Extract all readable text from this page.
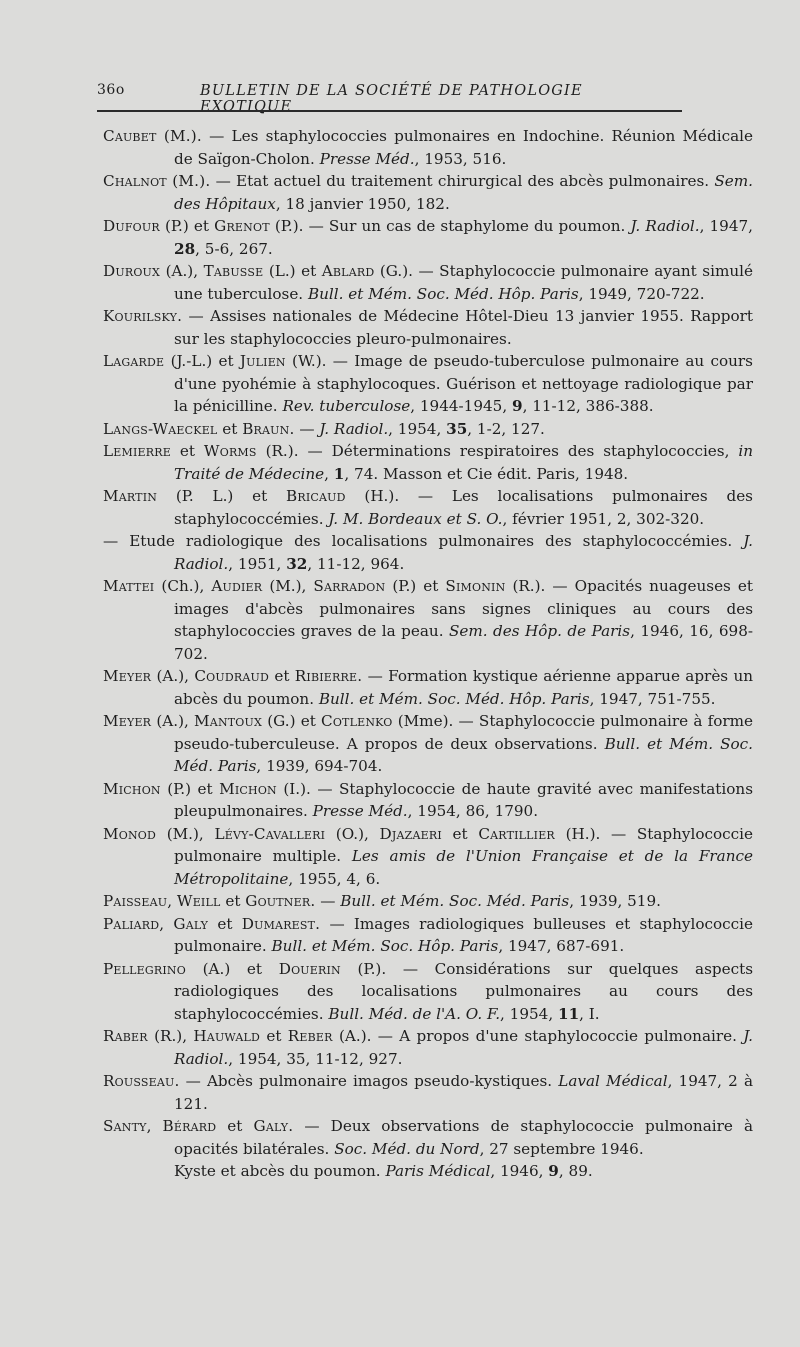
36o	BULLETIN DE LA SOCIÉTÉ DE PATHOLOGIE EXOTIQUE

Caubet (M.). — Les staphylococcies pulmonaires en Indochine. Réunion Médicale de Saïgon-Cholon. Presse Méd., 1953, 516.

Chalnot (M.). — Etat actuel du traitement chirurgical des abcès pulmonaires. Sem. des Hôpitaux, 18 janvier 1950, 182.

Dufour (P.) et Grenot (P.). — Sur un cas de staphylome du poumon. J. Radiol., 1947, 28, 5-6, 267.

Duroux (A.), Tabusse (L.) et Ablard (G.). — Staphylococcie pulmonaire ayant simulé une tuberculose. Bull. et Mém. Soc. Méd. Hôp. Paris, 1949, 720-722.

Kourilsky. — Assises nationales de Médecine Hôtel-Dieu 13 janvier 1955. Rapport sur les staphylococcies pleuro-pulmonaires.

Lagarde (J.-L.) et Julien (W.). — Image de pseudo-tuberculose pulmonaire au cours d'une pyohémie à staphylocoques. Guérison et nettoyage radiologique par la pénicilline. Rev. tuberculose, 1944-1945, 9, 11-12, 386-388.

Langs-Waeckel et Braun. — J. Radiol., 1954, 35, 1-2, 127.

Lemierre et Worms (R.). — Déterminations respiratoires des staphylococcies, in Traité de Médecine, 1, 74. Masson et Cie édit. Paris, 1948.

Martin (P. L.) et Bricaud (H.). — Les localisations pulmonaires des staphylococcémies. J. M. Bordeaux et S. O., février 1951, 2, 302-320.

— Etude radiologique des localisations pulmonaires des staphylococcémies. J. Radiol., 1951, 32, 11-12, 964.

Mattei (Ch.), Audier (M.), Sarradon (P.) et Simonin (R.). — Opacités nuageuses et images d'abcès pulmonaires sans signes cliniques au cours des staphylococcies graves de la peau. Sem. des Hôp. de Paris, 1946, 16, 698-702.

Meyer (A.), Coudraud et Ribierre. — Formation kystique aérienne apparue après un abcès du poumon. Bull. et Mém. Soc. Méd. Hôp. Paris, 1947, 751-755.

Meyer (A.), Mantoux (G.) et Cotlenko (Mme). — Staphylococcie pulmonaire à forme pseudo-tuberculeuse. A propos de deux observations. Bull. et Mém. Soc. Méd. Paris, 1939, 694-704.

Michon (P.) et Michon (I.). — Staphylococcie de haute gravité avec manifestations pleupulmonaires. Presse Méd., 1954, 86, 1790.

Monod (M.), Lévy-Cavalleri (O.), Djazaeri et Cartillier (H.). — Staphylococcie pulmonaire multiple. Les amis de l'Union Française et de la France Métropolitaine, 1955, 4, 6.

Paisseau, Weill et Goutner. — Bull. et Mém. Soc. Méd. Paris, 1939, 519.

Paliard, Galy et Dumarest. — Images radiologiques bulleuses et staphylococcie pulmonaire. Bull. et Mém. Soc. Hôp. Paris, 1947, 687-691.

Pellegrino (A.) et Douerin (P.). — Considérations sur quelques aspects radiologiques des localisations pulmonaires au cours des staphylococcémies. Bull. Méd. de l'A. O. F., 1954, 11, I.

Raber (R.), Hauwald et Reber (A.). — A propos d'une staphylococcie pulmonaire. J. Radiol., 1954, 35, 11-12, 927.

Rousseau. — Abcès pulmonaire imagos pseudo-kystiques. Laval Médical, 1947, 2 à 121.

Santy, Bérard et Galy. — Deux observations de staphylococcie pulmonaire à opacités bilatérales. Soc. Méd. du Nord, 27 septembre 1946.

Kyste et abcès du poumon. Paris Médical, 1946, 9, 89.
